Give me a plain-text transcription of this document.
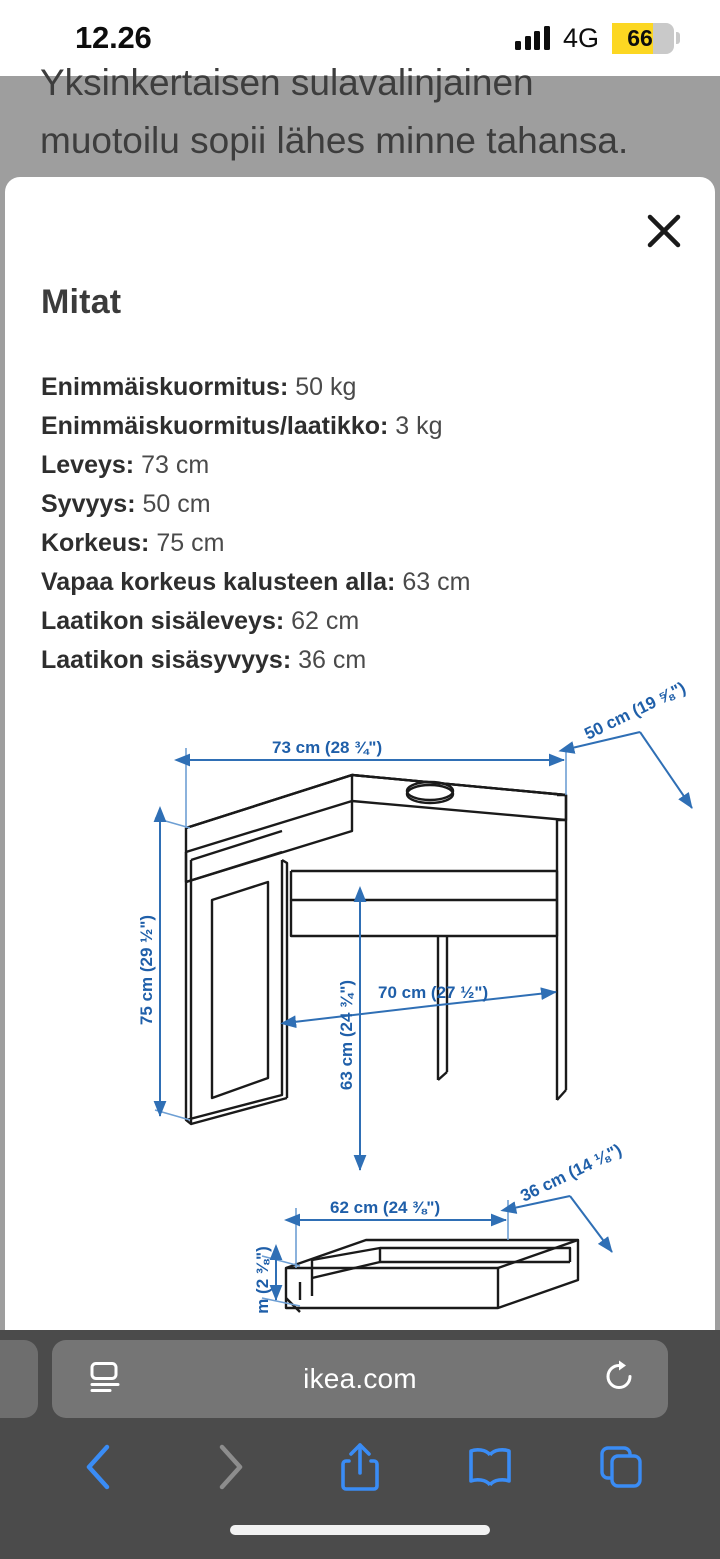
12.26	4G	66
Yksinkertaisen sulavalinjainen
muotoilu sopii lähes minne tahansa.
Mitat
Enimmäiskuormitus: 50 kg
Enimmäiskuormitus/laatikko: 3 kg
Leveys: 73 cm
Syvyys: 50 cm
Korkeus: 75 cm
Vapaa korkeus kalusteen alla: 63 cm
Laatikon sisäleveys: 62 cm
Laatikon sisäsyvyys: 36 cm
73 cm (28 ¾")
50 cm (19 ⅝")
75 cm (29 ½")
63 cm (24 ¾") 70 cm (27 ½")
62 cm (24 ⅜")
36 cm (14 ⅛")
m (2 ⅜")
ikea.com
